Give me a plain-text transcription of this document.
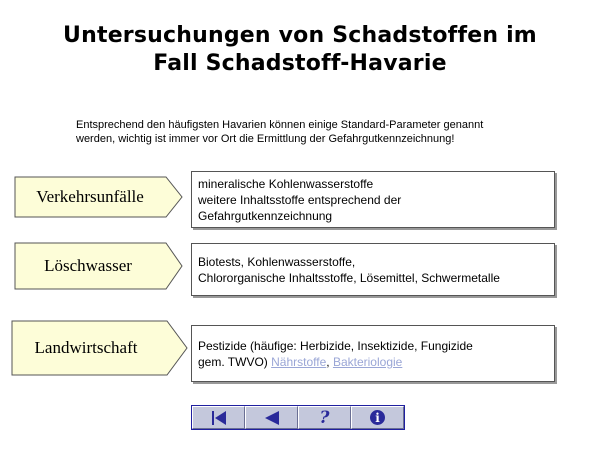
Untersuchungen von Schadstoffen im
Fall Schadstoff-Havarie
Entsprechend den häufigsten Havarien können einige Standard-Parameter genannt
werden, wichtig ist immer vor Ort die Ermittlung der Gefahrgutkennzeichnung!
Verkehrsunfälle
mineralische Kohlenwasserstoffe
weitere Inhaltsstoffe entsprechend der
Gefahrgutkennzeichnung
Löschwasser	Biotests, Kohlenwasserstoffe,
Chlororganische Inhaltsstoffe, Lösemittel, Schwermetalle
Landwirtschaft	Pestizide (häufige: Herbizide, Insektizide, Fungizide
gem. TWVO) Nährstoffe, Bakteriologie
?	i
